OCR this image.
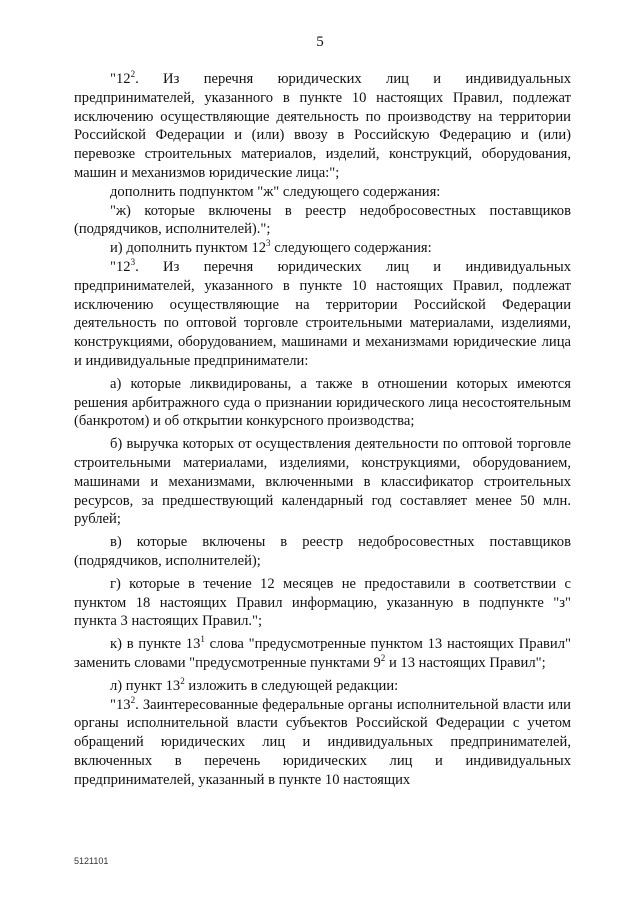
5

"$12^2$. Из перечня юридических лиц и индивидуальных предпринимателей, указанного в пункте 10 настоящих Правил, подлежат исключению осуществляющие деятельность по производству на территории Российской Федерации и (или) ввозу в Российскую Федерацию и (или) перевозке строительных материалов, изделий, конструкций, оборудования, машин и механизмов юридические лица:";

дополнить подпунктом "ж" следующего содержания:

"ж) которые включены в реестр недобросовестных поставщиков (подрядчиков, исполнителей).";

и) дополнить пунктом $12^3$ следующего содержания:

"$12^3$. Из перечня юридических лиц и индивидуальных предпринимателей, указанного в пункте 10 настоящих Правил, подлежат исключению осуществляющие на территории Российской Федерации деятельность по оптовой торговле строительными материалами, изделиями, конструкциями, оборудованием, машинами и механизмами юридические лица и индивидуальные предприниматели:

а) которые ликвидированы, а также в отношении которых имеются решения арбитражного суда о признании юридического лица несостоятельным (банкротом) и об открытии конкурсного производства;

б) выручка которых от осуществления деятельности по оптовой торговле строительными материалами, изделиями, конструкциями, оборудованием, машинами и механизмами, включенными в классификатор строительных ресурсов, за предшествующий календарный год составляет менее 50 млн. рублей;

в) которые включены в реестр недобросовестных поставщиков (подрядчиков, исполнителей);

г) которые в течение 12 месяцев не предоставили в соответствии с пунктом 18 настоящих Правил информацию, указанную в подпункте "з" пункта 3 настоящих Правил.";

к) в пункте $13^1$ слова "предусмотренные пунктом 13 настоящих Правил" заменить словами "предусмотренные пунктами $9^2$ и 13 настоящих Правил";

л) пункт $13^2$ изложить в следующей редакции:

"$13^2$. Заинтересованные федеральные органы исполнительной власти или органы исполнительной власти субъектов Российской Федерации с учетом обращений юридических лиц и индивидуальных предпринимателей, включенных в перечень юридических лиц и индивидуальных предпринимателей, указанный в пункте 10 настоящих

5121101
